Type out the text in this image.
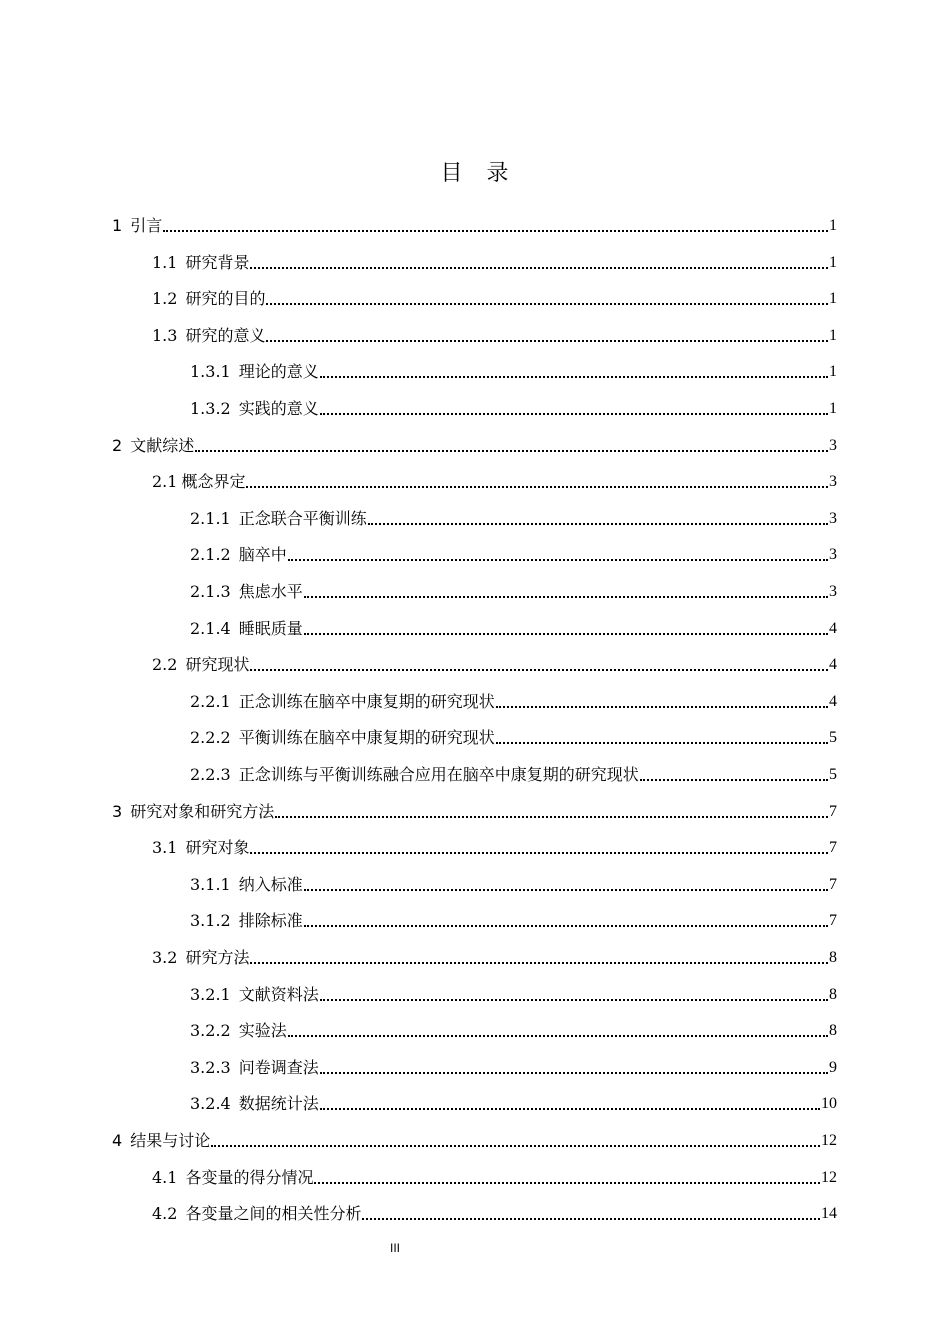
目　录
1 引言	1
1.1 研究背景	1
1.2 研究的目的	1
1.3 研究的意义	1
1.3.1 理论的意义	1
1.3.2 实践的意义	1
2 文献综述	3
2.1 概念界定	3
2.1.1 正念联合平衡训练	3
2.1.2 脑卒中	3
2.1.3 焦虑水平	3
2.1.4 睡眠质量	4
2.2 研究现状	4
2.2.1 正念训练在脑卒中康复期的研究现状	4
2.2.2 平衡训练在脑卒中康复期的研究现状	5
2.2.3 正念训练与平衡训练融合应用在脑卒中康复期的研究现状	5
3 研究对象和研究方法	7
3.1 研究对象	7
3.1.1 纳入标准	7
3.1.2 排除标准	7
3.2 研究方法	8
3.2.1 文献资料法	8
3.2.2 实验法	8
3.2.3 问卷调查法	9
3.2.4 数据统计法	10
4 结果与讨论	12
4.1 各变量的得分情况	12
4.2 各变量之间的相关性分析	14
III
